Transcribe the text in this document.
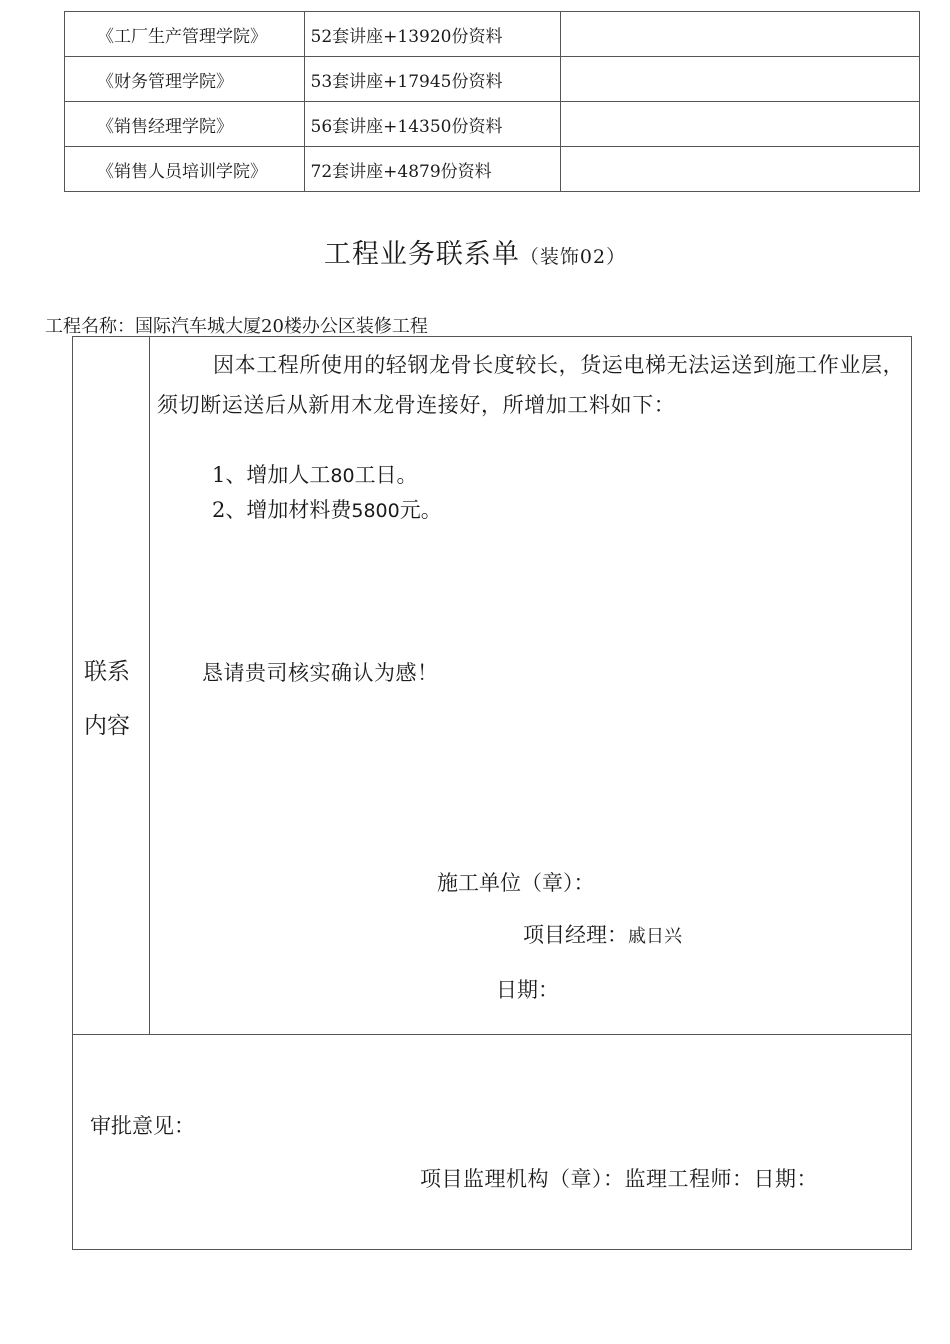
《工厂生产管理学院》	52套讲座+13920份资料	
《财务管理学院》	53套讲座+17945份资料	
《销售经理学院》	56套讲座+14350份资料	
《销售人员培训学院》	72套讲座+4879份资料	
工程业务联系单（装饰02）
工程名称：国际汽车城大厦20楼办公区装修工程
联系
内容
因本工程所使用的轻钢龙骨长度较长，货运电梯无法运送到施工作业层，须切断运送后从新用木龙骨连接好，所增加工料如下：
1、增加人工80工日。
2、增加材料费5800元。
恳请贵司核实确认为感！
施工单位（章）：
项目经理：戚日兴
日期：
审批意见：
项目监理机构（章）：监理工程师：日期：
